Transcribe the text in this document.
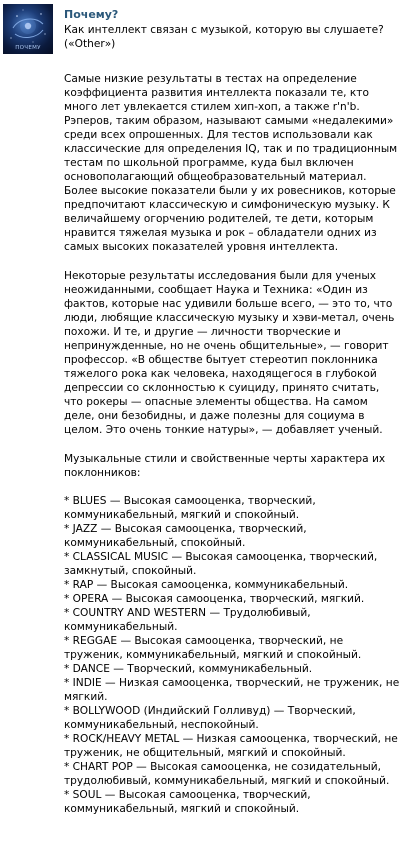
ПОЧЕМУ
Почему?
Как интеллект связан с музыкой, которую вы слушаете? («Other»)

Самые низкие результаты в тестах на определение коэффициента развития интеллекта показали те, кто много лет увлекается стилем хип-хоп, а также r'n'b. Рэперов, таким образом, называют самыми «недалекими» среди всех опрошенных. Для тестов использовали как классические для определения IQ, так и по традиционным тестам по школьной программе, куда был включен основополагающий общеобразовательный материал. Более высокие показатели были у их ровесников, которые предпочитают классическую и симфоническую музыку. К величайшему огорчению родителей, те дети, которым нравится тяжелая музыка и рок – обладатели одних из самых высоких показателей уровня интеллекта.

Некоторые результаты исследования были для ученых неожиданными, сообщает Наука и Техника: «Один из фактов, которые нас удивили больше всего, — это то, что люди, любящие классическую музыку и хэви-метал, очень похожи. И те, и другие — личности творческие и непринужденные, но не очень общительные», — говорит профессор. «В обществе бытует стереотип поклонника тяжелого рока как человека, находящегося в глубокой депрессии со склонностью к суициду, принято считать, что рокеры — опасные элементы общества. На самом деле, они безобидны, и даже полезны для социума в целом. Это очень тонкие натуры», — добавляет ученый.

Музыкальные стили и свойственные черты характера их поклонников:

* BLUES — Высокая самооценка, творческий, коммуникабельный, мягкий и спокойный.
* JAZZ — Высокая самооценка, творческий, коммуникабельный, спокойный.
* CLASSICAL MUSIC — Высокая самооценка, творческий, замкнутый, спокойный.
* RAP — Высокая самооценка, коммуникабельный.
* OPERA — Высокая самооценка, творческий, мягкий.
* COUNTRY AND WESTERN — Трудолюбивый, коммуникабельный.
* REGGAE — Высокая самооценка, творческий, не труженик, коммуникабельный, мягкий и спокойный.
* DANCE — Творческий, коммуникабельный.
* INDIE — Низкая самооценка, творческий, не труженик, не мягкий.
* BOLLYWOOD (Индийский Голливуд) — Творческий, коммуникабельный, неспокойный.
* ROCK/HEAVY METAL — Низкая самооценка, творческий, не труженик, не общительный, мягкий и спокойный.
* CHART POP — Высокая самооценка, не созидательный, трудолюбивый, коммуникабельный, мягкий и спокойный.
* SOUL — Высокая самооценка, творческий, коммуникабельный, мягкий и спокойный.
